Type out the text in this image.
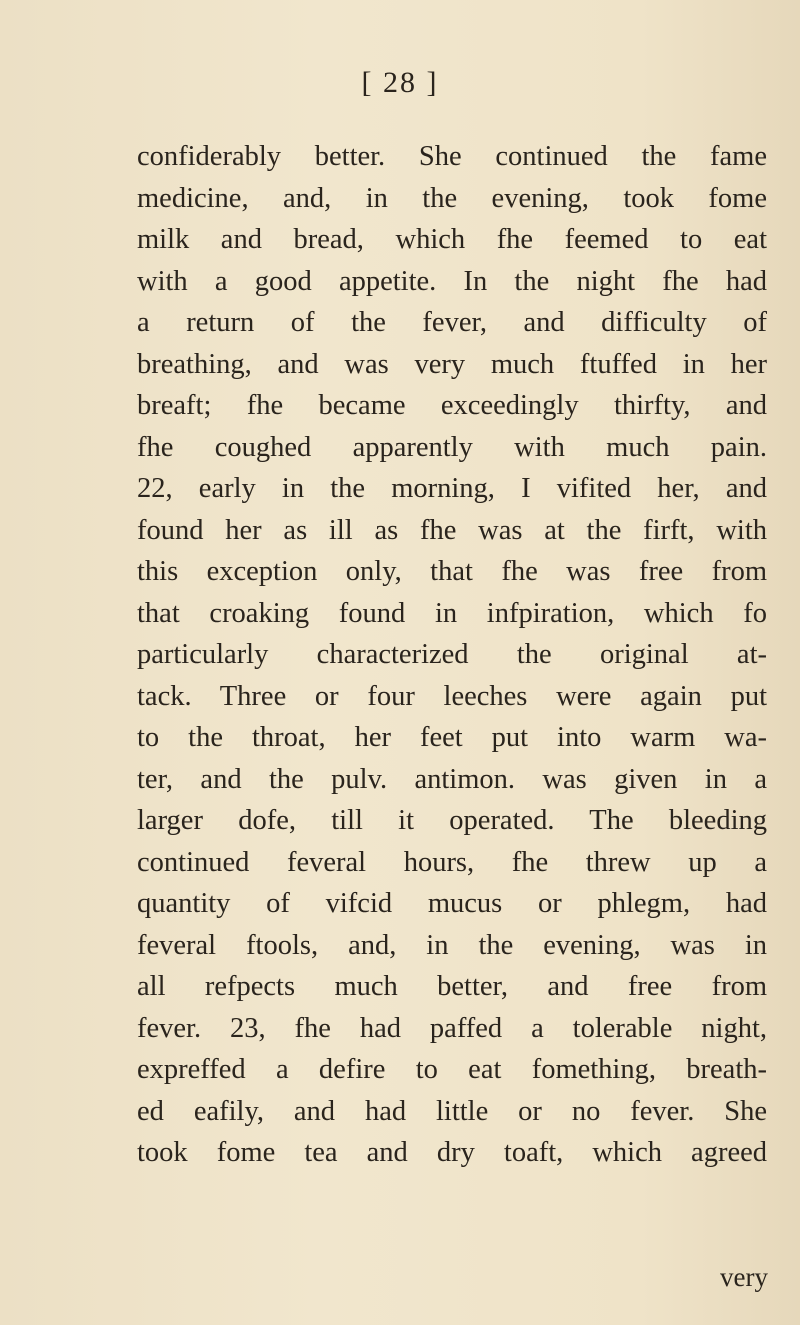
[ 28 ]
confiderably better. She continued the fame
medicine, and, in the evening, took fome
milk and bread, which fhe feemed to eat
with a good appetite. In the night fhe had
a return of the fever, and difficulty of
breathing, and was very much ftuffed in her
breaft; fhe became exceedingly thirfty, and
fhe coughed apparently with much pain.
22, early in the morning, I vifited her, and
found her as ill as fhe was at the firft, with
this exception only, that fhe was free from
that croaking found in infpiration, which fo
particularly characterized the original at-
tack. Three or four leeches were again put
to the throat, her feet put into warm wa-
ter, and the pulv. antimon. was given in a
larger dofe, till it operated. The bleeding
continued feveral hours, fhe threw up a
quantity of vifcid mucus or phlegm, had
feveral ftools, and, in the evening, was in
all refpects much better, and free from
fever. 23, fhe had paffed a tolerable night,
expreffed a defire to eat fomething, breath-
ed eafily, and had little or no fever. She
took fome tea and dry toaft, which agreed
very
